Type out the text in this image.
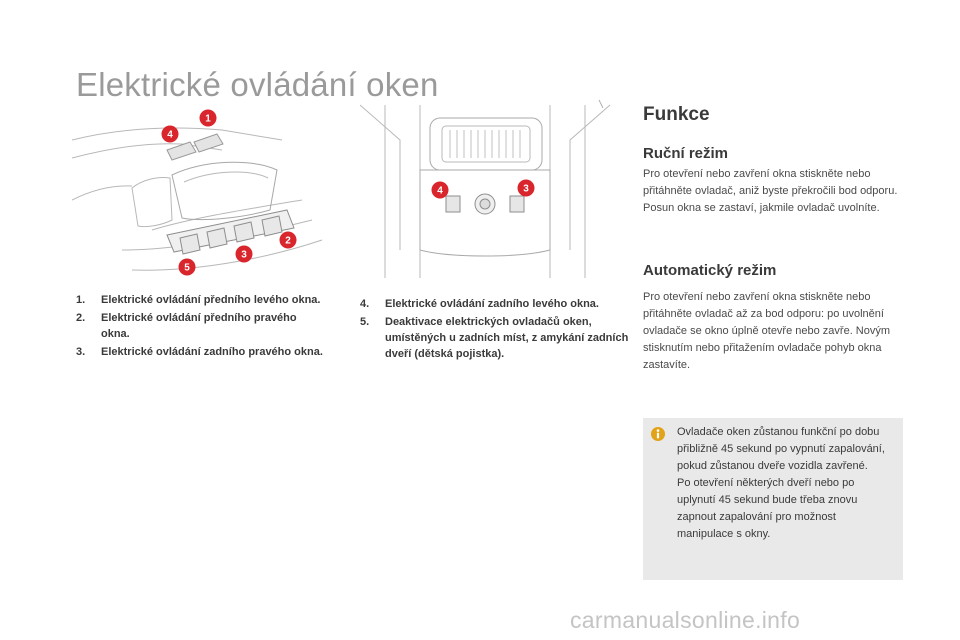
Elektrické ovládání oken
1
4
2
3
5
4	3
1.	Elektrické ovládání předního levého okna.
2.	Elektrické ovládání předního pravého okna.
3.	Elektrické ovládání zadního pravého okna.
4.	Elektrické ovládání zadního levého okna.
5.	Deaktivace elektrických ovladačů oken, umístěných u zadních míst, z amykání zadních dveří (dětská pojistka).
Funkce
Ruční režim

Pro otevření nebo zavření okna stiskněte nebo přitáhněte ovladač, aniž byste překročili bod odporu. Posun okna se zastaví, jakmile ovladač uvolníte.

Automatický režim

Pro otevření nebo zavření okna stiskněte nebo přitáhněte ovladač až za bod odporu: po uvolnění ovladače se okno úplně otevře nebo zavře. Novým stisknutím nebo přitažením ovladače pohyb okna zastavíte.

Ovladače oken zůstanou funkční po dobu přibližně 45 sekund po vypnutí zapalování, pokud zůstanou dveře vozidla zavřené.

Po otevření některých dveří nebo po uplynutí 45 sekund bude třeba znovu zapnout zapalování pro možnost manipulace s okny.

carmanualsonline.info
